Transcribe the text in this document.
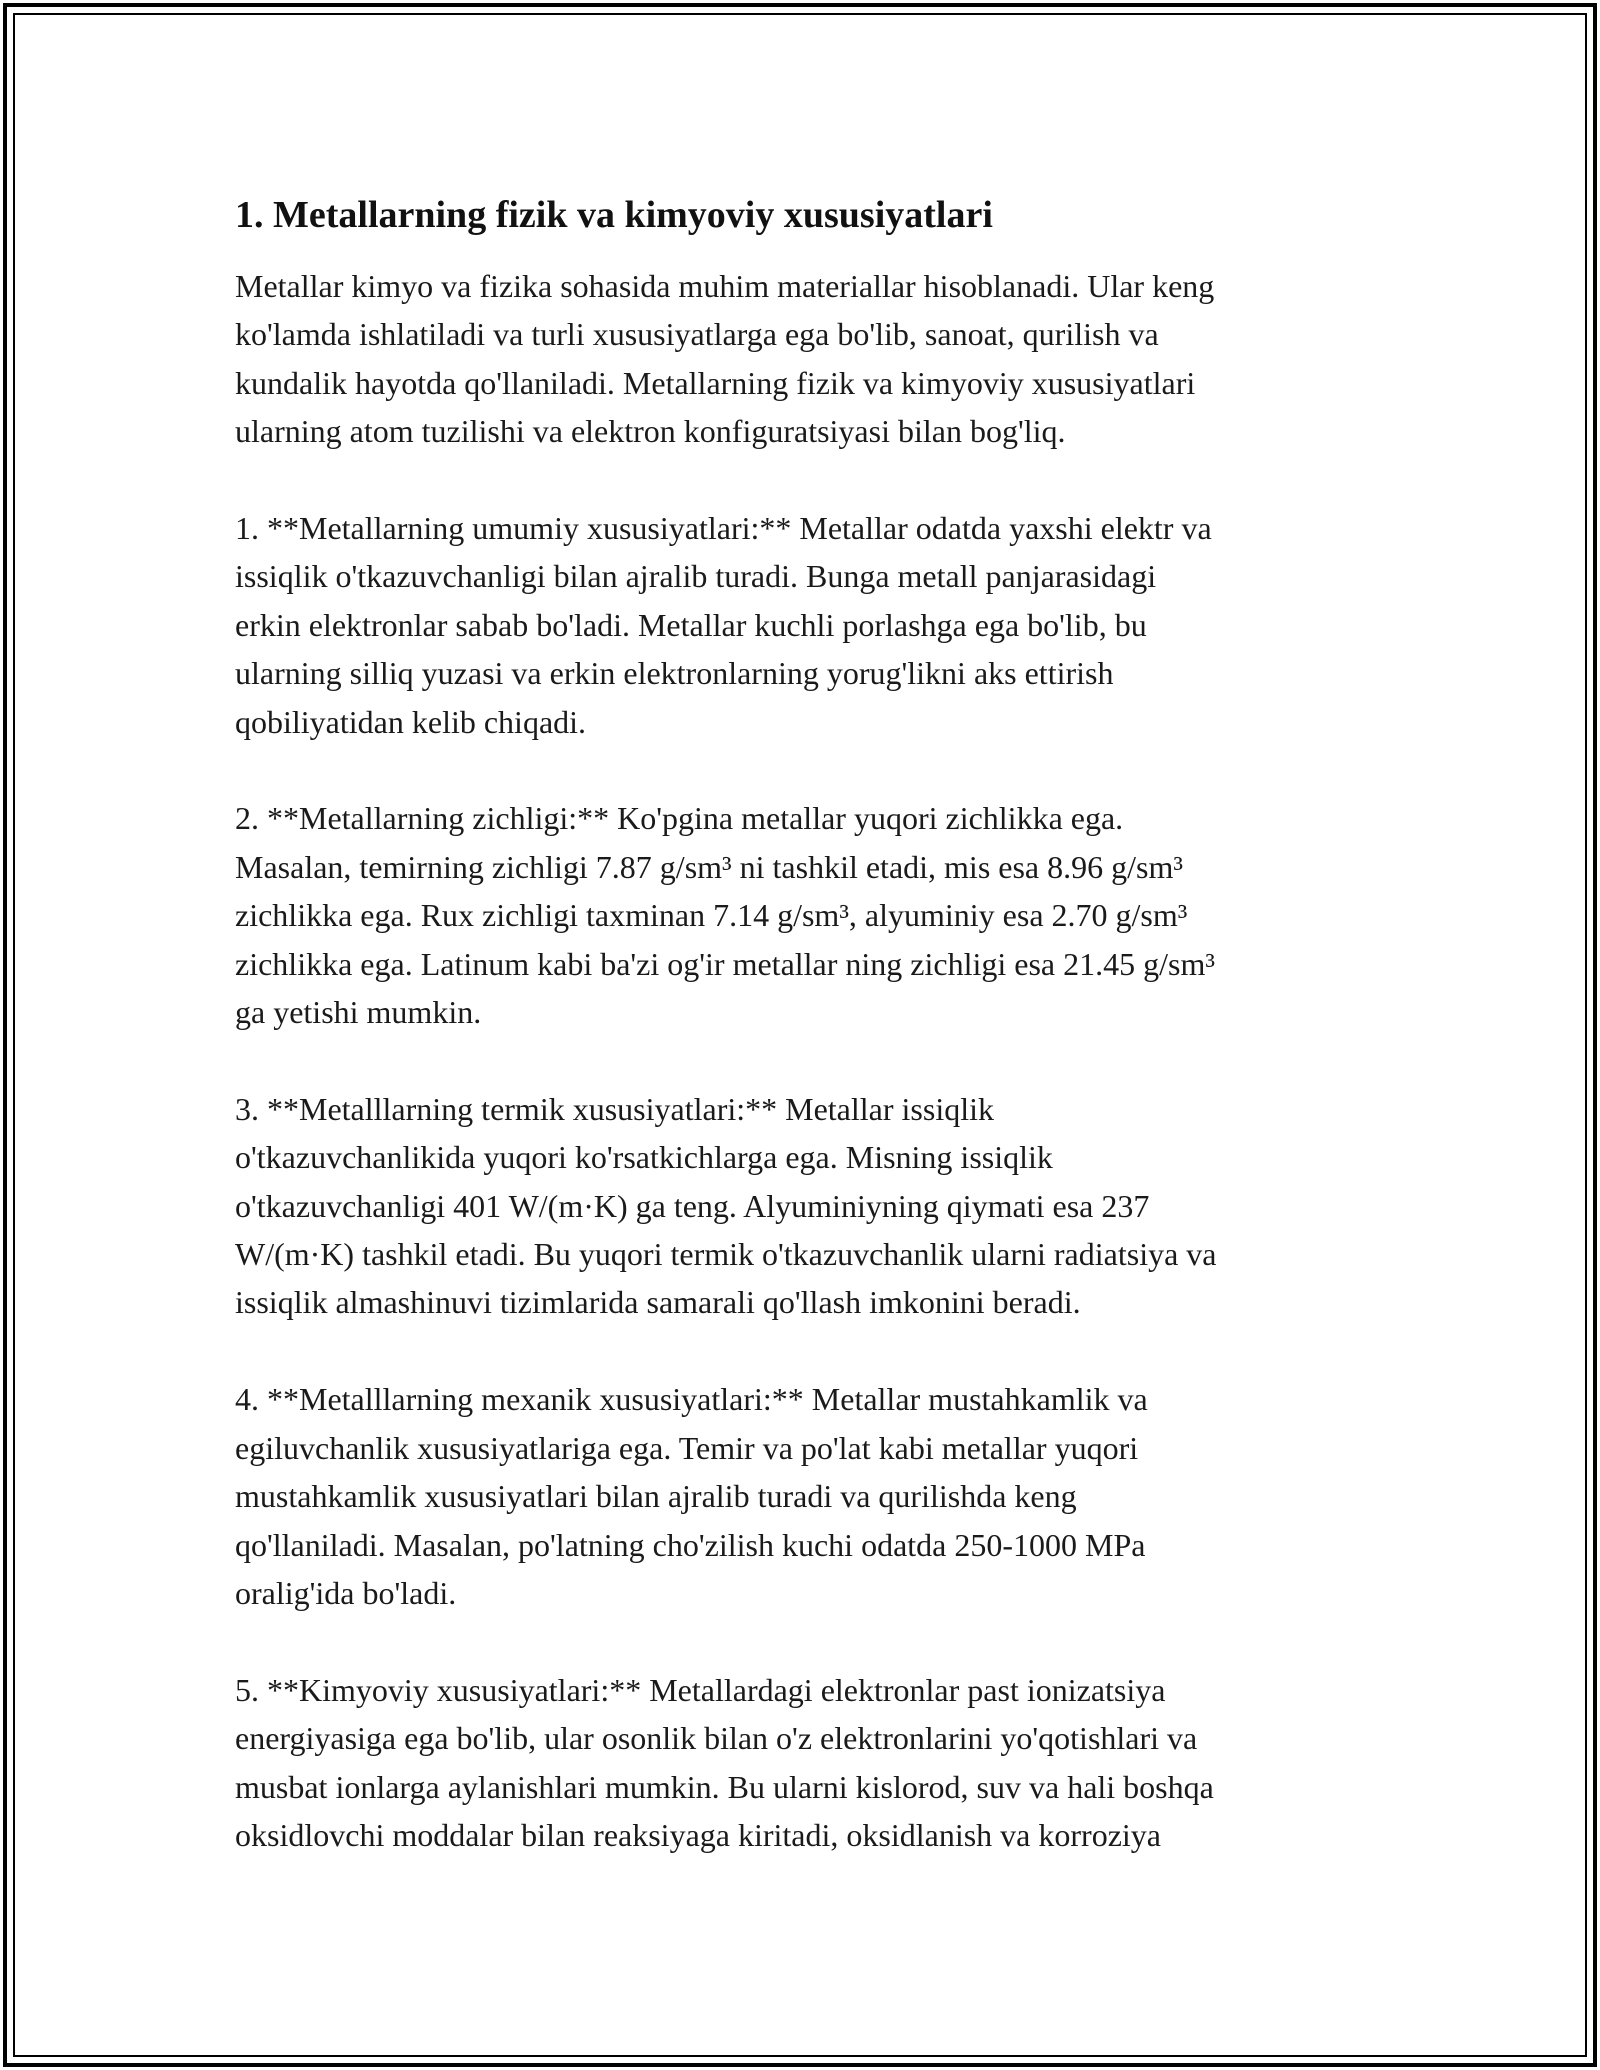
1. Metallarning fizik va kimyoviy xususiyatlari
Metallar kimyo va fizika sohasida muhim materiallar hisoblanadi. Ular keng
ko'lamda ishlatiladi va turli xususiyatlarga ega bo'lib, sanoat, qurilish va
kundalik hayotda qo'llaniladi. Metallarning fizik va kimyoviy xususiyatlari
ularning atom tuzilishi va elektron konfiguratsiyasi bilan bog'liq.
1. **Metallarning umumiy xususiyatlari:** Metallar odatda yaxshi elektr va
issiqlik o'tkazuvchanligi bilan ajralib turadi. Bunga metall panjarasidagi
erkin elektronlar sabab bo'ladi. Metallar kuchli porlashga ega bo'lib, bu
ularning silliq yuzasi va erkin elektronlarning yorug'likni aks ettirish
qobiliyatidan kelib chiqadi.
2. **Metallarning zichligi:** Ko'pgina metallar yuqori zichlikka ega.
Masalan, temirning zichligi 7.87 g/sm³ ni tashkil etadi, mis esa 8.96 g/sm³
zichlikka ega. Rux zichligi taxminan 7.14 g/sm³, alyuminiy esa 2.70 g/sm³
zichlikka ega. Latinum kabi ba'zi og'ir metallar ning zichligi esa 21.45 g/sm³
ga yetishi mumkin.
3. **Metalllarning termik xususiyatlari:** Metallar issiqlik
o'tkazuvchanlikida yuqori ko'rsatkichlarga ega. Misning issiqlik
o'tkazuvchanligi 401 W/(m·K) ga teng. Alyuminiyning qiymati esa 237
W/(m·K) tashkil etadi. Bu yuqori termik o'tkazuvchanlik ularni radiatsiya va
issiqlik almashinuvi tizimlarida samarali qo'llash imkonini beradi.
4. **Metalllarning mexanik xususiyatlari:** Metallar mustahkamlik va
egiluvchanlik xususiyatlariga ega. Temir va po'lat kabi metallar yuqori
mustahkamlik xususiyatlari bilan ajralib turadi va qurilishda keng
qo'llaniladi. Masalan, po'latning cho'zilish kuchi odatda 250-1000 MPa
oralig'ida bo'ladi.
5. **Kimyoviy xususiyatlari:** Metallardagi elektronlar past ionizatsiya
energiyasiga ega bo'lib, ular osonlik bilan o'z elektronlarini yo'qotishlari va
musbat ionlarga aylanishlari mumkin. Bu ularni kislorod, suv va hali boshqa
oksidlovchi moddalar bilan reaksiyaga kiritadi, oksidlanish va korroziya
